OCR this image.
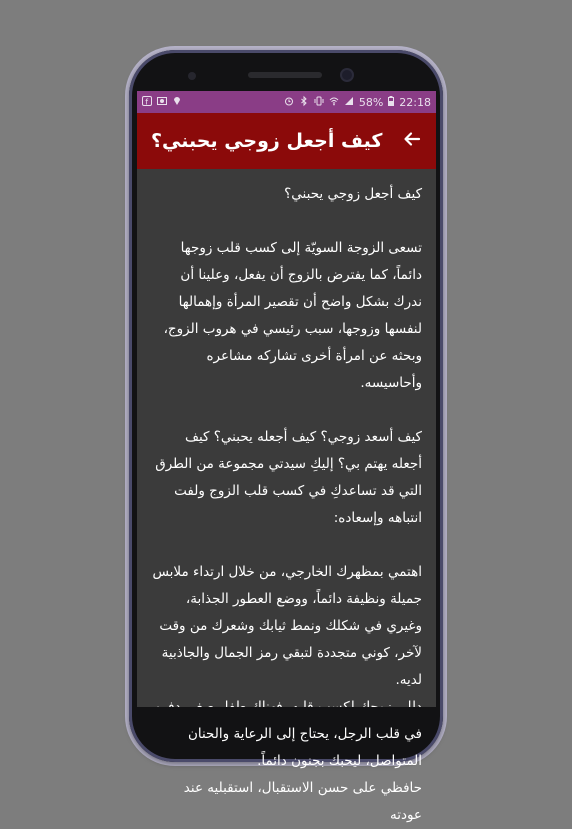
f	58% 22:18
كيف أجعل زوجي يحبني؟

كيف أجعل زوجي يحبني؟

تسعى الزوجة السويّة إلى كسب قلب زوجها دائماً، كما يفترض بالزوج أن يفعل، وعلينا أن ندرك بشكل واضح أن تقصير المرأة وإهمالها لنفسها وزوجها، سبب رئيسي في هروب الزوج، وبحثه عن امرأة أخرى تشاركه مشاعره وأحاسيسه.

كيف أسعد زوجي؟ كيف أجعله يحبني؟ كيف أجعله يهتم بي؟ إليكِ سيدتي مجموعة من الطرق التي قد تساعدكِ في كسب قلب الزوج ولفت انتباهه وإسعاده:

اهتمي بمظهرك الخارجي، من خلال ارتداء ملابس جميلة ونظيفة دائماً، ووضع العطور الجذابة، وغيري في شكلك ونمط ثيابك وشعرك من وقت لآخر، كوني متجددة لتبقي رمز الجمال والجاذبية لديه.

في قلب الرجل، يحتاج إلى الرعاية والحنان المتواصل، ليحبك بجنون دائماً.

حافظي على حسن الاستقبال، استقبليه عند عودته
